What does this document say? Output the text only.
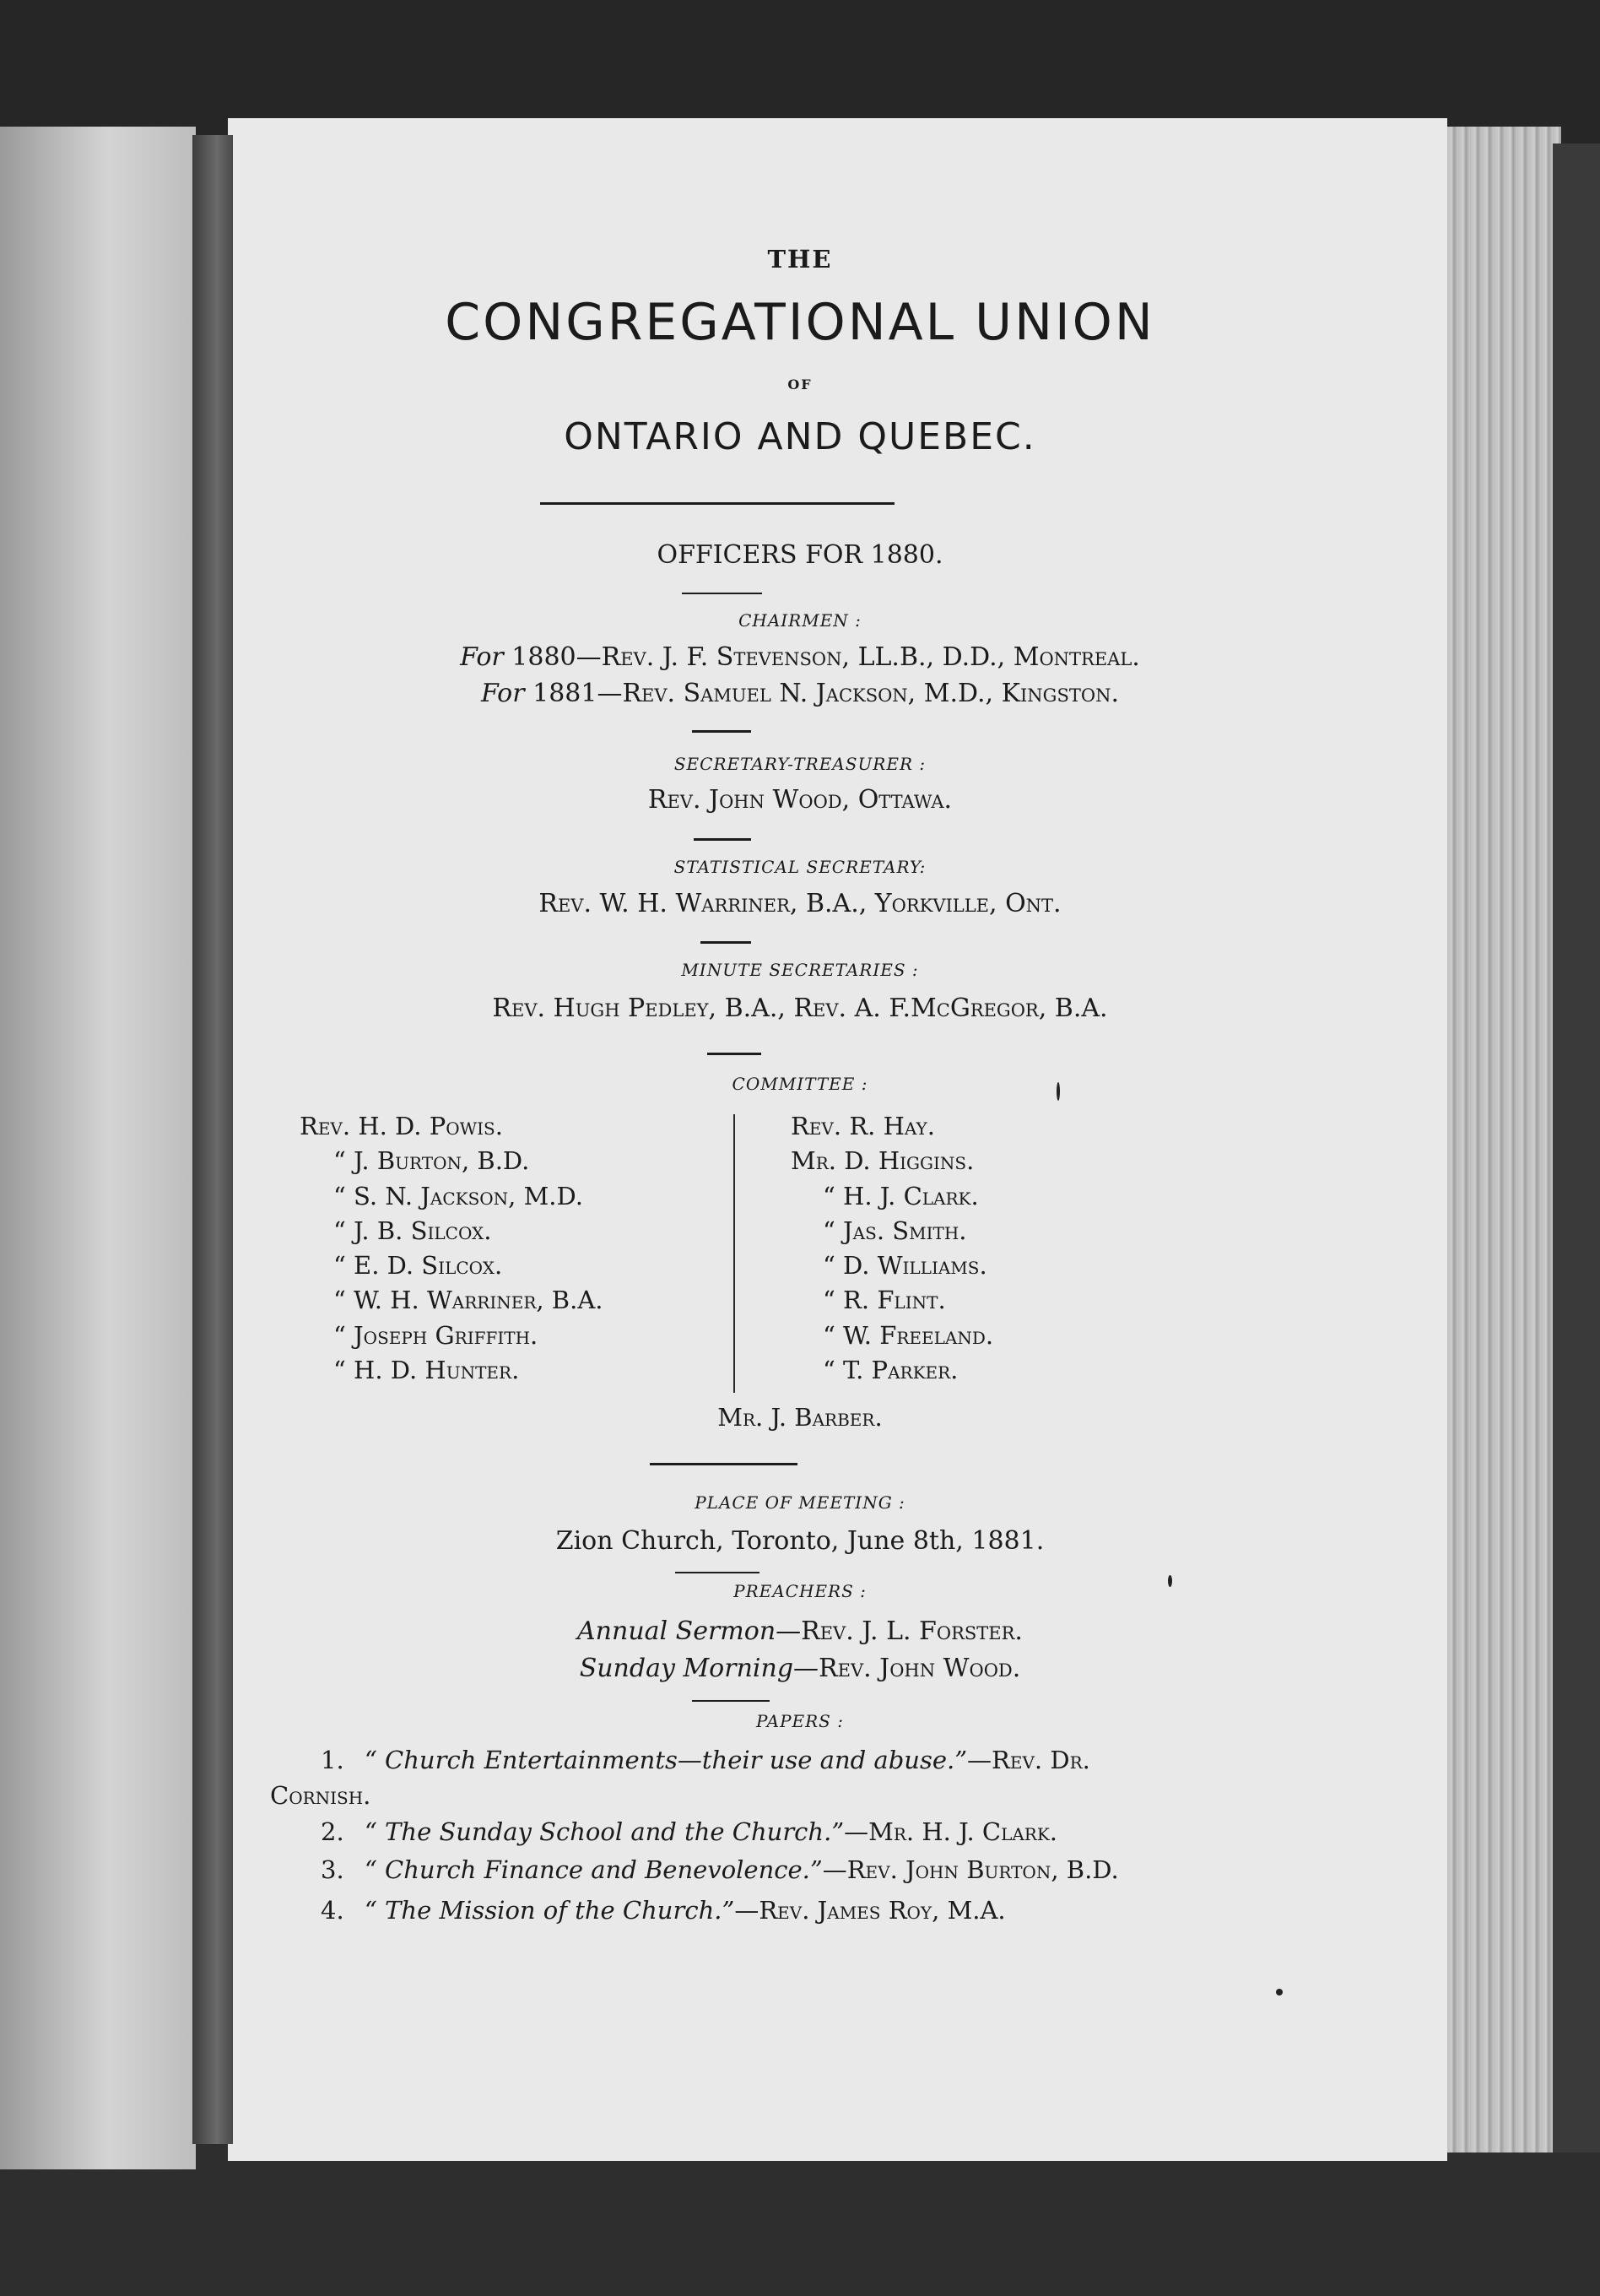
THE
CONGREGATIONAL UNION
OF
ONTARIO AND QUEBEC.
OFFICERS FOR 1880.
CHAIRMEN :
For 1880—Rev. J. F. Stevenson, LL.B., D.D., Montreal.
For 1881—Rev. Samuel N. Jackson, M.D., Kingston.
SECRETARY-TREASURER :
Rev. John Wood, Ottawa.
STATISTICAL SECRETARY:
Rev. W. H. Warriner, B.A., Yorkville, Ont.
MINUTE SECRETARIES :
Rev. Hugh Pedley, B.A., Rev. A. F.McGregor, B.A.
COMMITTEE :
Rev. H. D. Powis.
“ J. Burton, B.D.
“ S. N. Jackson, M.D.
“ J. B. Silcox.
“ E. D. Silcox.
“ W. H. Warriner, B.A.
“ Joseph Griffith.
“ H. D. Hunter.
Rev. R. Hay.
Mr. D. Higgins.
“ H. J. Clark.
“ Jas. Smith.
“ D. Williams.
“ R. Flint.
“ W. Freeland.
“ T. Parker.
Mr. J. Barber.
PLACE OF MEETING :
Zion Church, Toronto, June 8th, 1881.
PREACHERS :
Annual Sermon—Rev. J. L. Forster.
Sunday Morning—Rev. John Wood.
PAPERS :
1. “ Church Entertainments—their use and abuse.”—Rev. Dr.
Cornish.
2. “ The Sunday School and the Church.”—Mr. H. J. Clark.
3. “ Church Finance and Benevolence.”—Rev. John Burton, B.D.
4. “ The Mission of the Church.”—Rev. James Roy, M.A.
